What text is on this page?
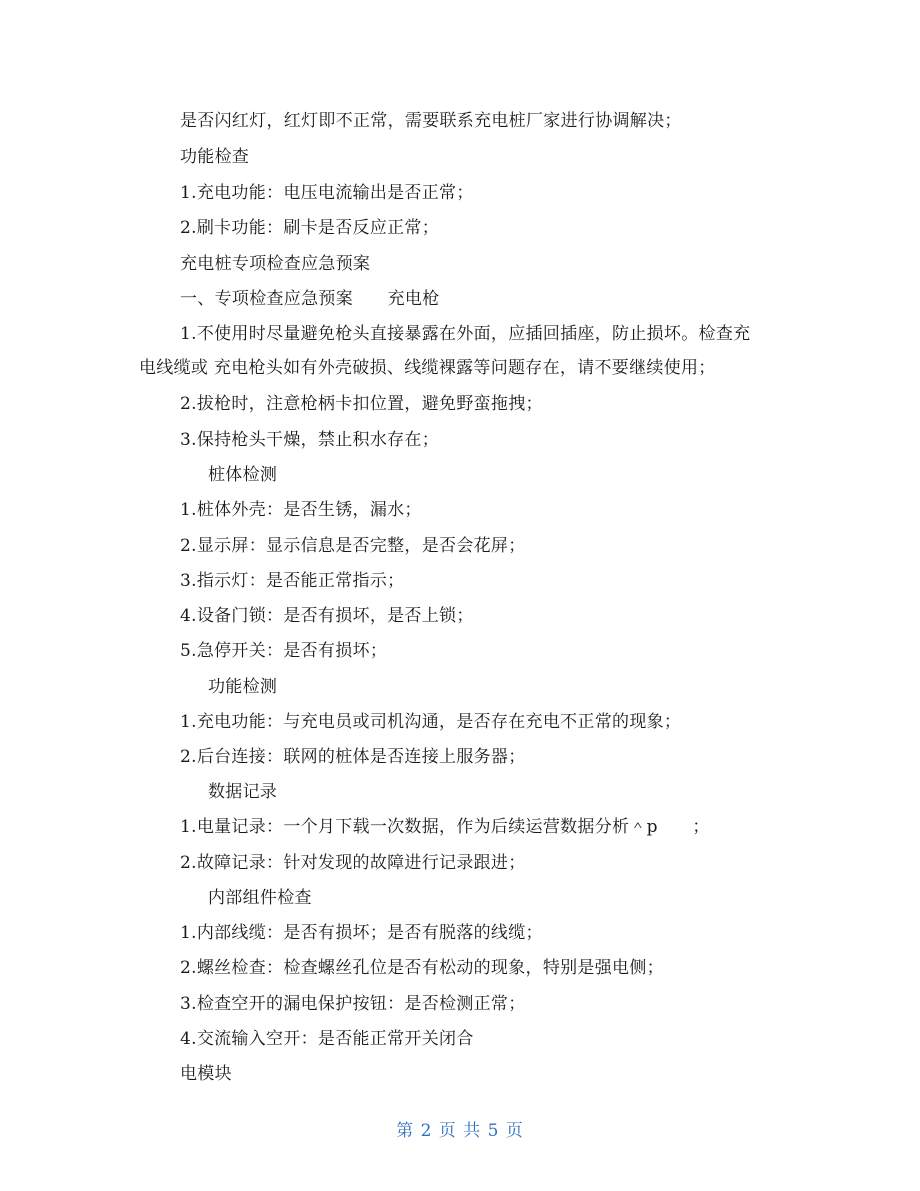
是否闪红灯，红灯即不正常，需要联系充电桩厂家进行协调解决；
功能检查
1.充电功能：电压电流输出是否正常；
2.刷卡功能：刷卡是否反应正常；
充电桩专项检查应急预案
一、专项检查应急预案　　充电枪
1.不使用时尽量避免枪头直接暴露在外面，应插回插座，防止损坏。检查充
电线缆或 充电枪头如有外壳破损、线缆裸露等问题存在，请不要继续使用；
2.拔枪时，注意枪柄卡扣位置，避免野蛮拖拽；
3.保持枪头干燥，禁止积水存在；
桩体检测
1.桩体外壳：是否生锈，漏水；
2.显示屏：显示信息是否完整，是否会花屏；
3.指示灯：是否能正常指示；
4.设备门锁：是否有损坏，是否上锁；
5.急停开关：是否有损坏；
功能检测
1.充电功能：与充电员或司机沟通，是否存在充电不正常的现象；
2.后台连接：联网的桩体是否连接上服务器；
数据记录
1.电量记录：一个月下载一次数据，作为后续运营数据分析＾p　　；
2.故障记录：针对发现的故障进行记录跟进；
内部组件检查
1.内部线缆：是否有损坏；是否有脱落的线缆；
2.螺丝检查：检查螺丝孔位是否有松动的现象，特别是强电侧；
3.检查空开的漏电保护按钮：是否检测正常；
4.交流输入空开：是否能正常开关闭合
电模块
第 2 页 共 5 页
